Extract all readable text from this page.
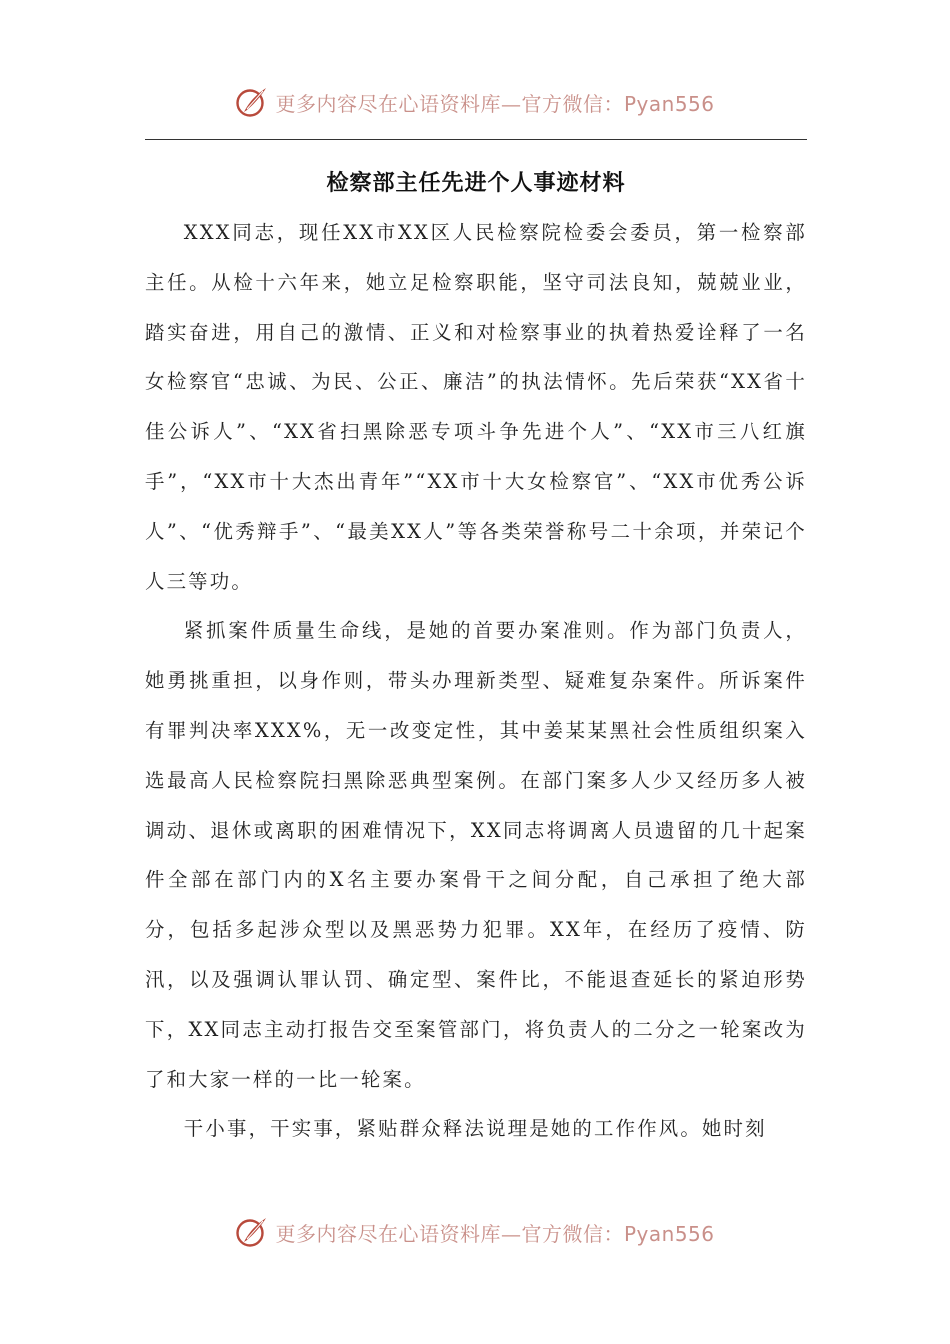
更多内容尽在心语资料库—官方微信：Pyan556
检察部主任先进个人事迹材料

XXX同志，现任XX市XX区人民检察院检委会委员，第一检察部主任。从检十六年来，她立足检察职能，坚守司法良知，兢兢业业，踏实奋进，用自己的激情、正义和对检察事业的执着热爱诠释了一名女检察官“忠诚、为民、公正、廉洁”的执法情怀。先后荣获“XX省十佳公诉人”、“XX省扫黑除恶专项斗争先进个人”、“XX市三八红旗手”，“XX市十大杰出青年”“XX市十大女检察官”、“XX市优秀公诉人”、“优秀辩手”、“最美XX人”等各类荣誉称号二十余项，并荣记个人三等功。

紧抓案件质量生命线，是她的首要办案准则。作为部门负责人，她勇挑重担，以身作则，带头办理新类型、疑难复杂案件。所诉案件有罪判决率XXX%，无一改变定性，其中姜某某黑社会性质组织案入选最高人民检察院扫黑除恶典型案例。在部门案多人少又经历多人被调动、退休或离职的困难情况下，XX同志将调离人员遗留的几十起案件全部在部门内的X名主要办案骨干之间分配，自己承担了绝大部分，包括多起涉众型以及黑恶势力犯罪。XX年，在经历了疫情、防汛，以及强调认罪认罚、确定型、案件比，不能退查延长的紧迫形势下，XX同志主动打报告交至案管部门，将负责人的二分之一轮案改为了和大家一样的一比一轮案。

干小事，干实事，紧贴群众释法说理是她的工作作风。她时刻

更多内容尽在心语资料库—官方微信：Pyan556
